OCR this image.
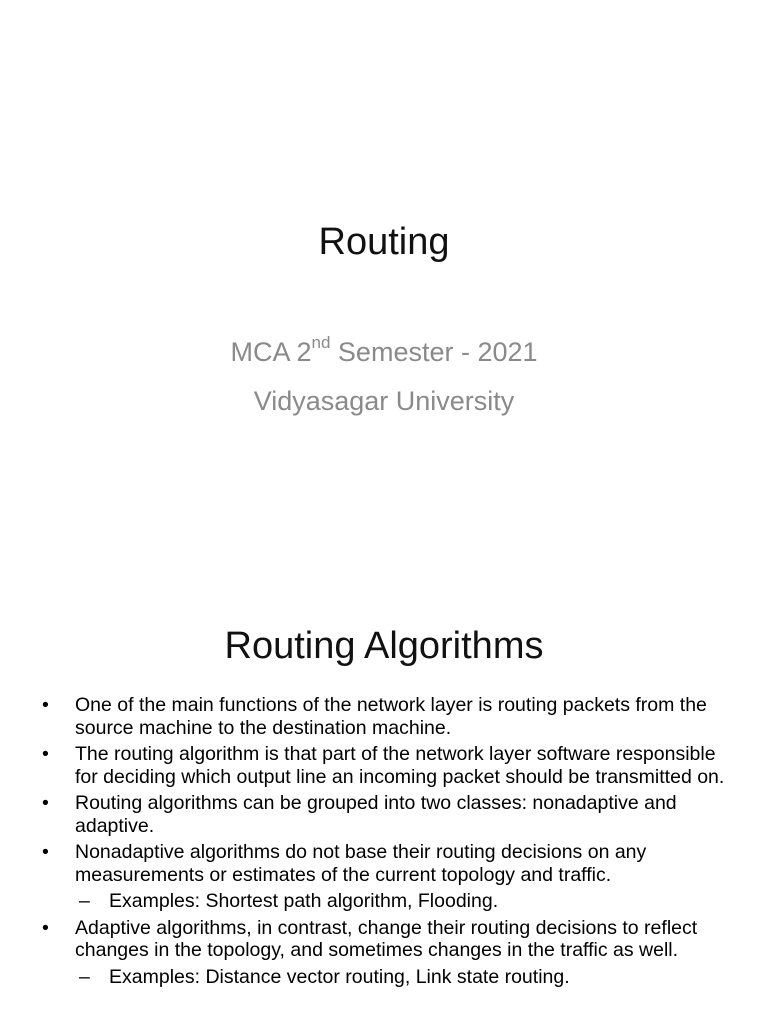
Routing
MCA 2nd Semester - 2021
Vidyasagar University
Routing Algorithms
• One of the main functions of the network layer is routing packets from the source machine to the destination machine.
• The routing algorithm is that part of the network layer software responsible for deciding which output line an incoming packet should be transmitted on.
• Routing algorithms can be grouped into two classes: nonadaptive and adaptive.
• Nonadaptive algorithms do not base their routing decisions on any measurements or estimates of the current topology and traffic.
– Examples: Shortest path algorithm, Flooding.
• Adaptive algorithms, in contrast, change their routing decisions to reflect changes in the topology, and sometimes changes in the traffic as well.
– Examples: Distance vector routing, Link state routing.
